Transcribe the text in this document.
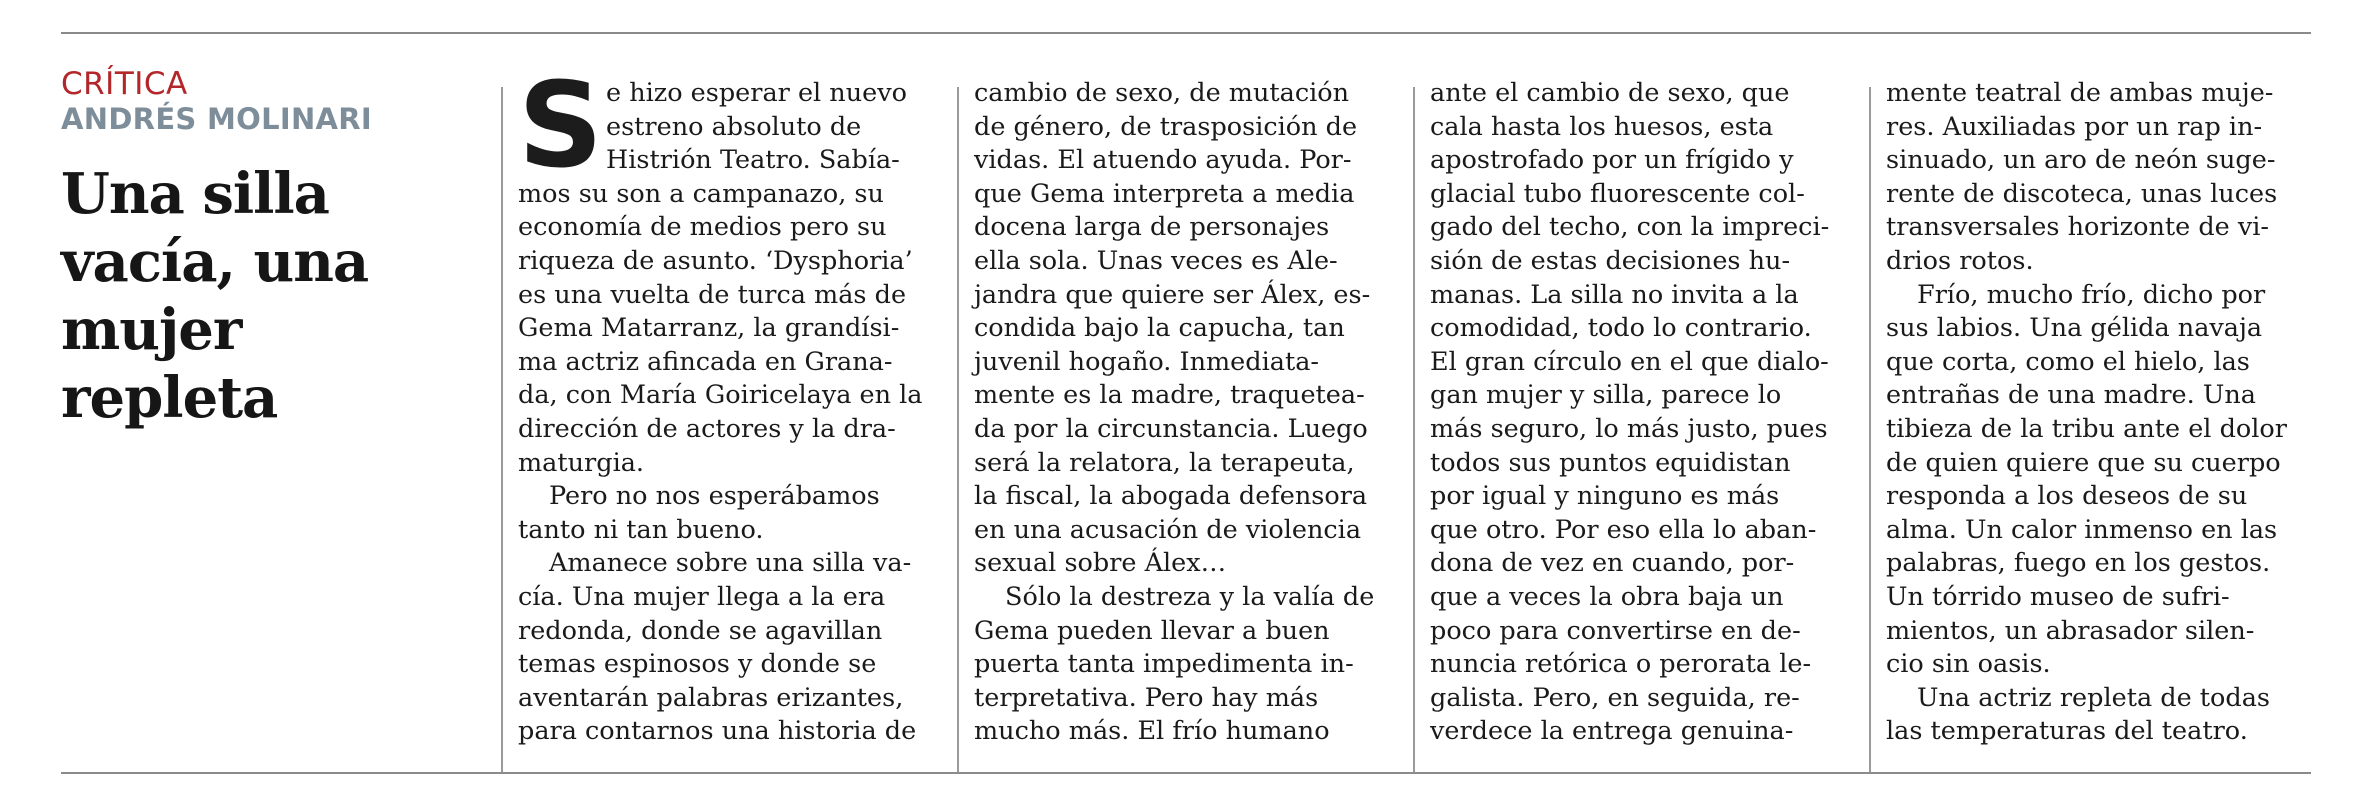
CRÍTICA
ANDRÉS MOLINARI
Una silla
vacía, una
mujer
repleta
S e hizo esperar el nuevo
estreno absoluto de
Histrión Teatro. Sabía-
mos su son a campanazo, su
economía de medios pero su
riqueza de asunto. ‘Dysphoria’
es una vuelta de turca más de
Gema Matarranz, la grandísi-
ma actriz afincada en Grana-
da, con María Goiricelaya en la
dirección de actores y la dra-
maturgia.
Pero no nos esperábamos
tanto ni tan bueno.
Amanece sobre una silla va-
cía. Una mujer llega a la era
redonda, donde se agavillan
temas espinosos y donde se
aventarán palabras erizantes,
para contarnos una historia de
cambio de sexo, de mutación
de género, de trasposición de
vidas. El atuendo ayuda. Por-
que Gema interpreta a media
docena larga de personajes
ella sola. Unas veces es Ale-
jandra que quiere ser Álex, es-
condida bajo la capucha, tan
juvenil hogaño. Inmediata-
mente es la madre, traquetea-
da por la circunstancia. Luego
será la relatora, la terapeuta,
la fiscal, la abogada defensora
en una acusación de violencia
sexual sobre Álex…
Sólo la destreza y la valía de
Gema pueden llevar a buen
puerta tanta impedimenta in-
terpretativa. Pero hay más
mucho más. El frío humano
ante el cambio de sexo, que
cala hasta los huesos, esta
apostrofado por un frígido y
glacial tubo fluorescente col-
gado del techo, con la impreci-
sión de estas decisiones hu-
manas. La silla no invita a la
comodidad, todo lo contrario.
El gran círculo en el que dialo-
gan mujer y silla, parece lo
más seguro, lo más justo, pues
todos sus puntos equidistan
por igual y ninguno es más
que otro. Por eso ella lo aban-
dona de vez en cuando, por-
que a veces la obra baja un
poco para convertirse en de-
nuncia retórica o perorata le-
galista. Pero, en seguida, re-
verdece la entrega genuina-
mente teatral de ambas muje-
res. Auxiliadas por un rap in-
sinuado, un aro de neón suge-
rente de discoteca, unas luces
transversales horizonte de vi-
drios rotos.
Frío, mucho frío, dicho por
sus labios. Una gélida navaja
que corta, como el hielo, las
entrañas de una madre. Una
tibieza de la tribu ante el dolor
de quien quiere que su cuerpo
responda a los deseos de su
alma. Un calor inmenso en las
palabras, fuego en los gestos.
Un tórrido museo de sufri-
mientos, un abrasador silen-
cio sin oasis.
Una actriz repleta de todas
las temperaturas del teatro.
